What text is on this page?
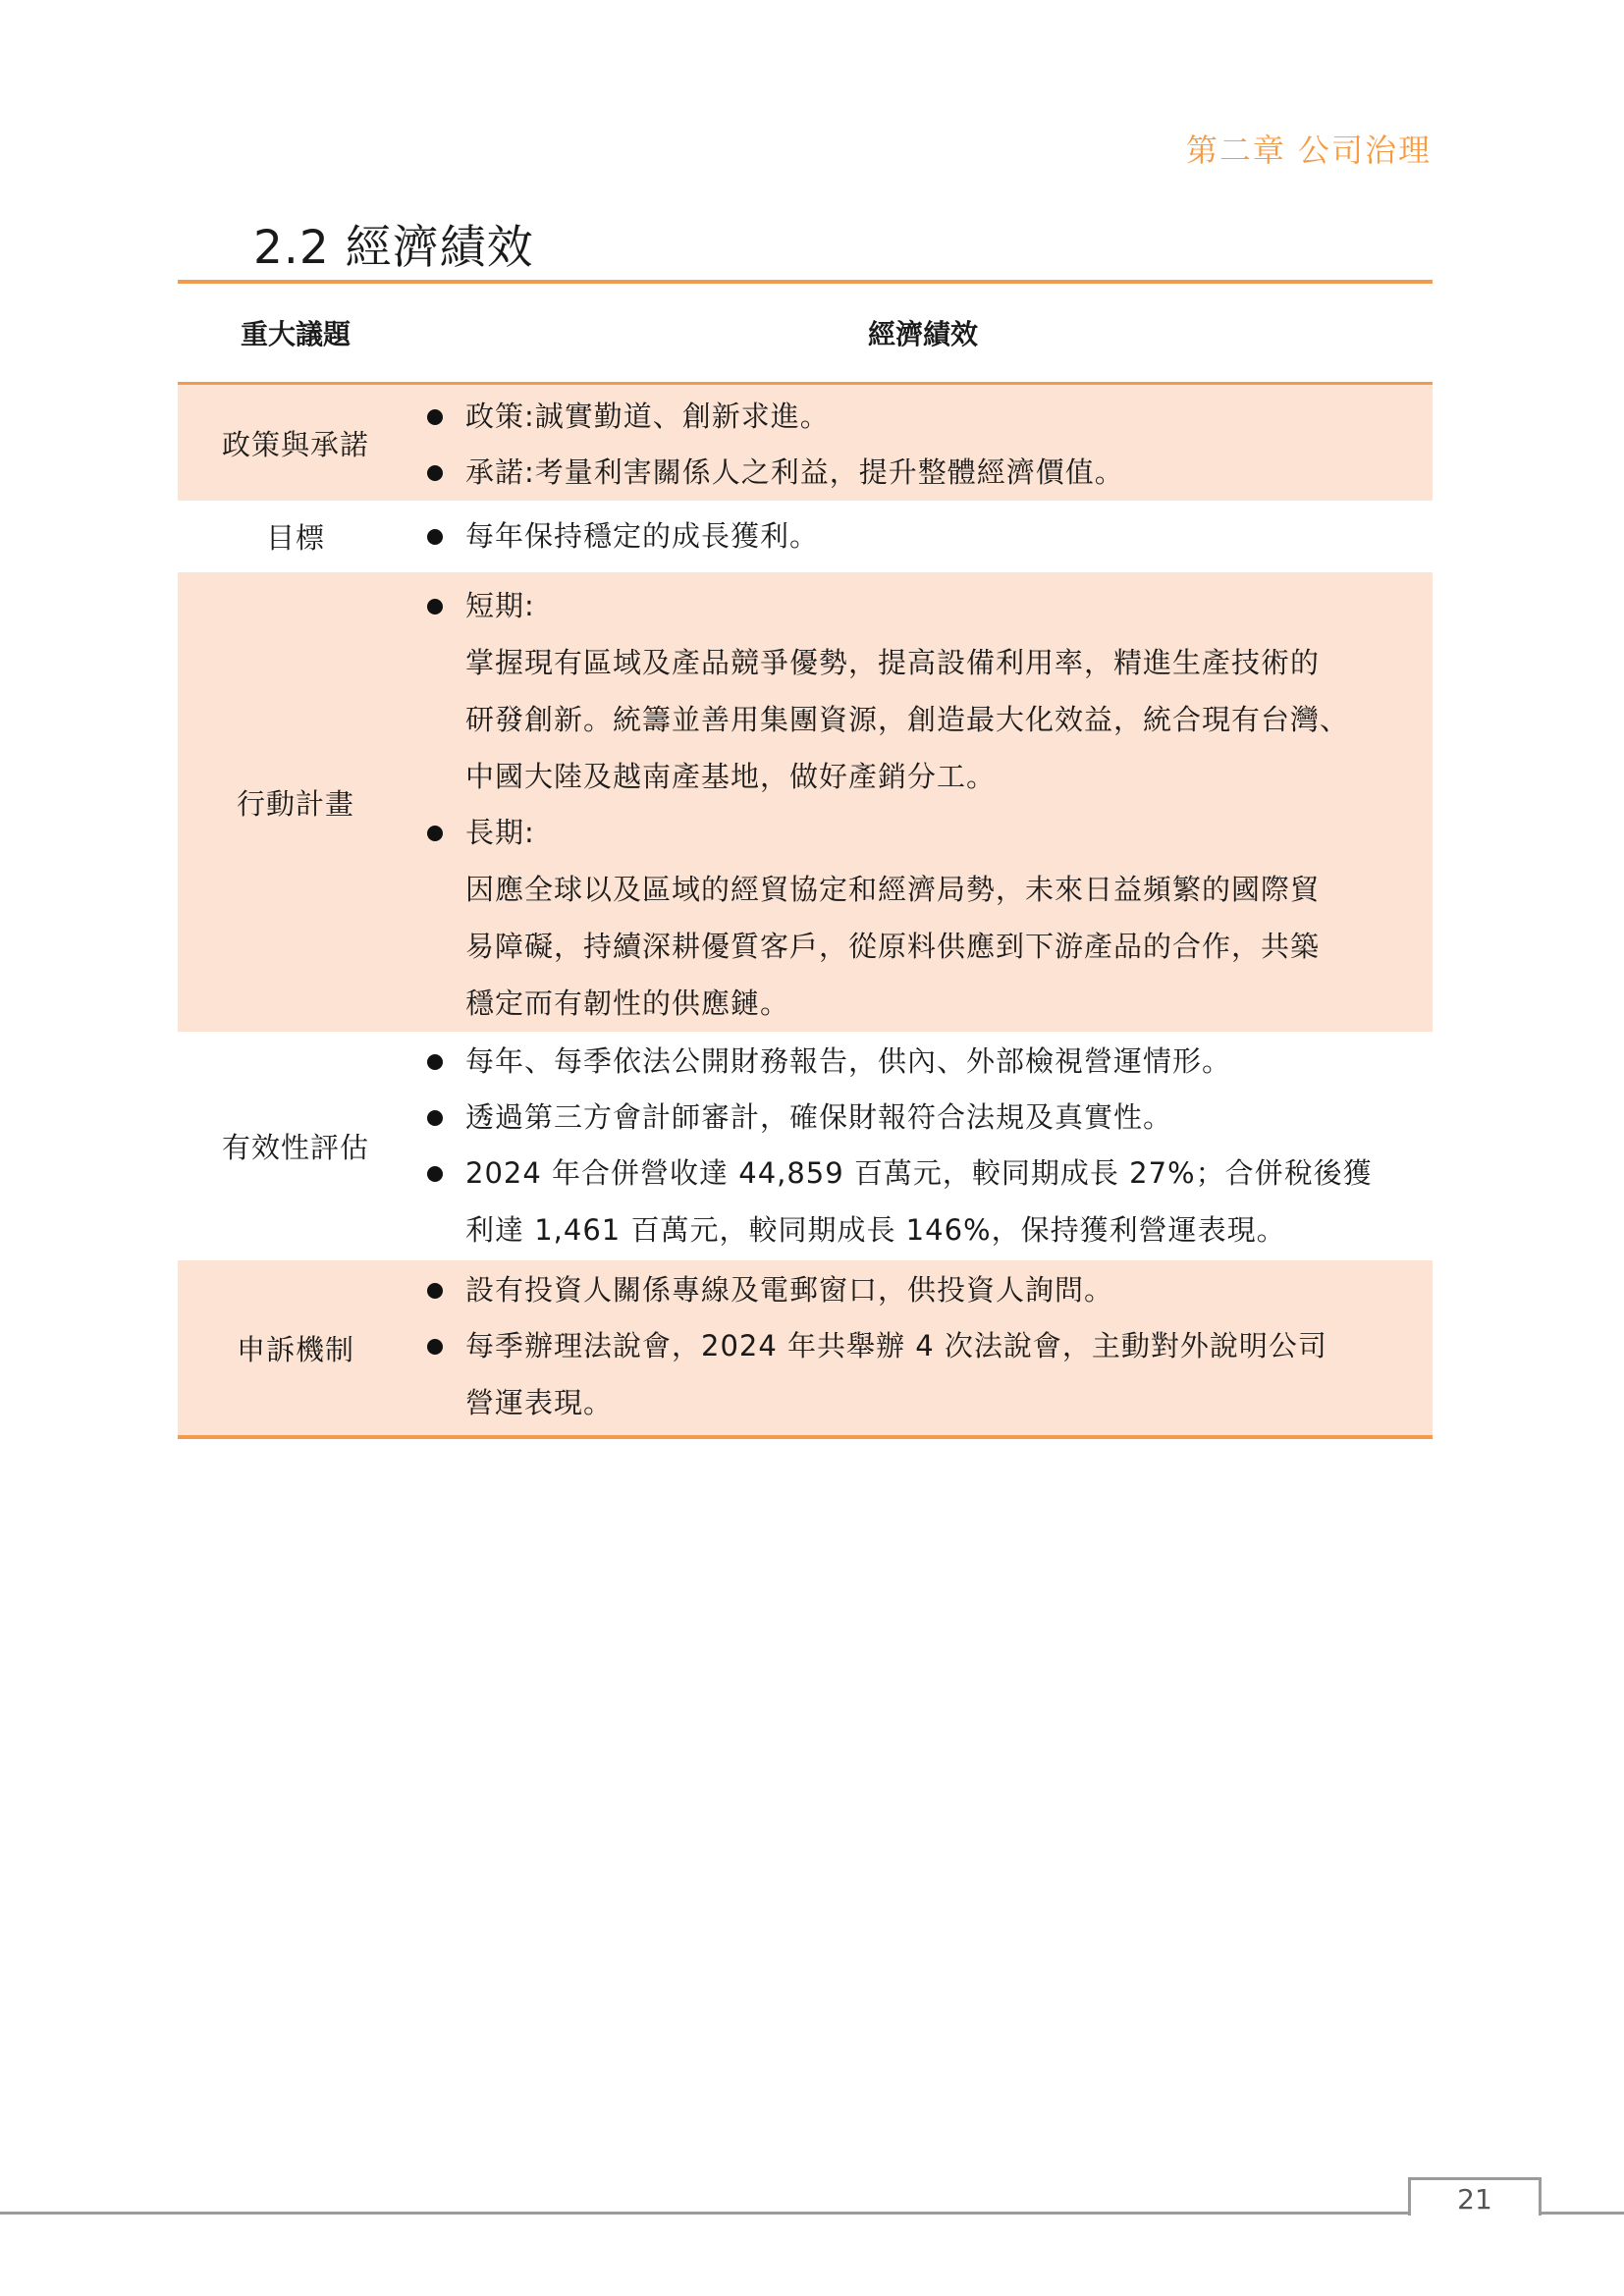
第二章 公司治理
2.2 經濟績效
重大議題	經濟績效
政策與承諾
政策:誠實勤道、創新求進。
承諾:考量利害關係人之利益，提升整體經濟價值。
目標	每年保持穩定的成長獲利。
行動計畫
短期:
掌握現有區域及產品競爭優勢，提高設備利用率，精進生產技術的
研發創新。統籌並善用集團資源，創造最大化效益，統合現有台灣、
中國大陸及越南產基地，做好產銷分工。
長期:
因應全球以及區域的經貿協定和經濟局勢，未來日益頻繁的國際貿
易障礙，持續深耕優質客戶，從原料供應到下游產品的合作，共築
穩定而有韌性的供應鏈。
有效性評估
每年、每季依法公開財務報告，供內、外部檢視營運情形。
透過第三方會計師審計，確保財報符合法規及真實性。
2024 年合併營收達 44,859 百萬元，較同期成長 27%；合併稅後獲
利達 1,461 百萬元，較同期成長 146%，保持獲利營運表現。
申訴機制
設有投資人關係專線及電郵窗口，供投資人詢問。
每季辦理法說會，2024 年共舉辦 4 次法說會，主動對外說明公司
營運表現。
21
